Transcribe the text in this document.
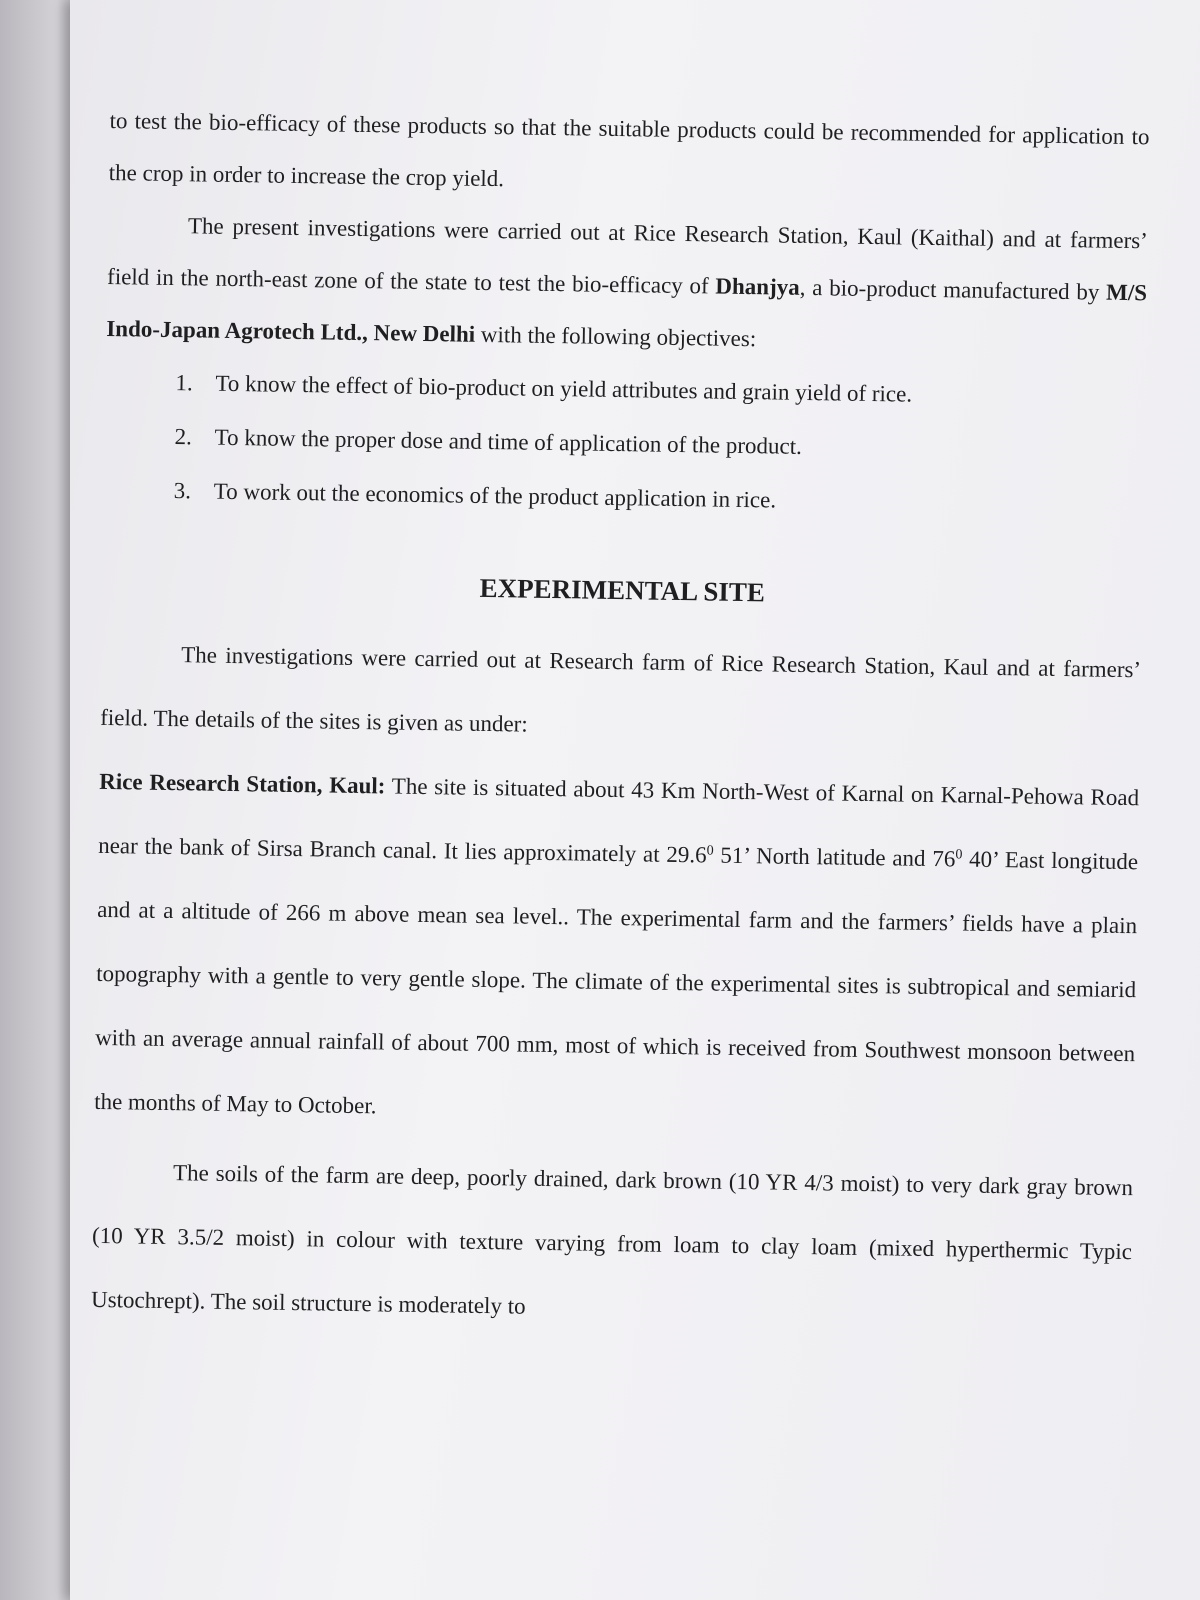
to test the bio-efficacy of these products so that the suitable products could be recommended for application to the crop in order to increase the crop yield.

The present investigations were carried out at Rice Research Station, Kaul (Kaithal) and at farmers’ field in the north-east zone of the state to test the bio-efficacy of Dhanjya, a bio-product manufactured by M/S Indo-Japan Agrotech Ltd., New Delhi with the following objectives:

1. To know the effect of bio-product on yield attributes and grain yield of rice.
2. To know the proper dose and time of application of the product.
3. To work out the economics of the product application in rice.
EXPERIMENTAL SITE

The investigations were carried out at Research farm of Rice Research Station, Kaul and at farmers’ field. The details of the sites is given as under:

Rice Research Station, Kaul: The site is situated about 43 Km North-West of Karnal on Karnal-Pehowa Road near the bank of Sirsa Branch canal. It lies approximately at 29.6$^0$ 51’ North latitude and $76^0$ 40’ East longitude and at a altitude of 266 m above mean sea level.. The experimental farm and the farmers’ fields have a plain topography with a gentle to very gentle slope. The climate of the experimental sites is subtropical and semiarid with an average annual rainfall of about 700 mm, most of which is received from Southwest monsoon between the months of May to October.

The soils of the farm are deep, poorly drained, dark brown (10 YR 4/3 moist) to very dark gray brown (10 YR 3.5/2 moist) in colour with texture varying from loam to clay loam (mixed hyperthermic Typic Ustochrept). The soil structure is moderately to
